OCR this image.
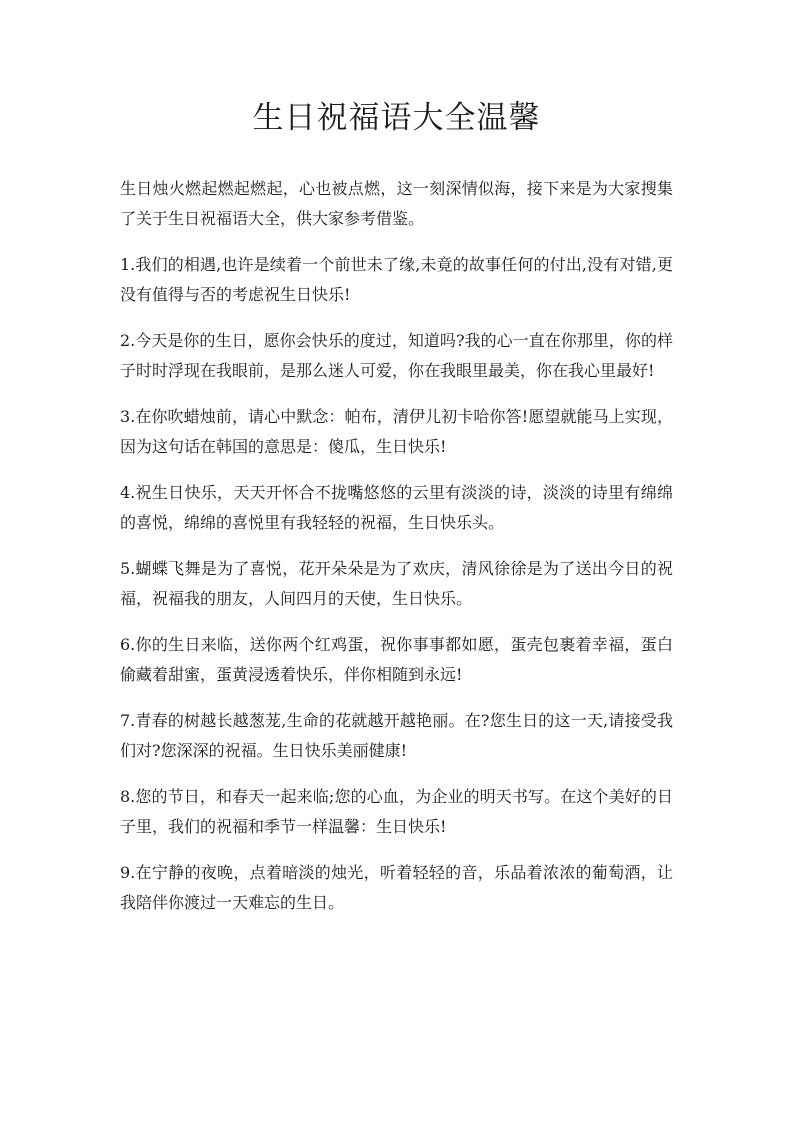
生日祝福语大全温馨

生日烛火燃起燃起燃起，心也被点燃，这一刻深情似海，接下来是为大家搜集了关于生日祝福语大全，供大家参考借鉴。

1.我们的相遇,也许是续着一个前世未了缘,未竟的故事任何的付出,没有对错,更没有值得与否的考虑祝生日快乐!

2.今天是你的生日，愿你会快乐的度过，知道吗?我的心一直在你那里，你的样子时时浮现在我眼前，是那么迷人可爱，你在我眼里最美，你在我心里最好!

3.在你吹蜡烛前，请心中默念：帕布，清伊儿初卡哈你答!愿望就能马上实现，因为这句话在韩国的意思是：傻瓜，生日快乐!

4.祝生日快乐，天天开怀合不拢嘴悠悠的云里有淡淡的诗，淡淡的诗里有绵绵的喜悦，绵绵的喜悦里有我轻轻的祝福，生日快乐头。

5.蝴蝶飞舞是为了喜悦，花开朵朵是为了欢庆，清风徐徐是为了送出今日的祝福，祝福我的朋友，人间四月的天使，生日快乐。

6.你的生日来临，送你两个红鸡蛋，祝你事事都如愿，蛋壳包裹着幸福，蛋白偷藏着甜蜜，蛋黄浸透着快乐，伴你相随到永远!

7.青春的树越长越葱茏,生命的花就越开越艳丽。在?您生日的这一天,请接受我们对?您深深的祝福。生日快乐美丽健康!

8.您的节日，和春天一起来临;您的心血，为企业的明天书写。在这个美好的日子里，我们的祝福和季节一样温馨：生日快乐!

9.在宁静的夜晚，点着暗淡的烛光，听着轻轻的音，乐品着浓浓的葡萄酒，让我陪伴你渡过一天难忘的生日。
